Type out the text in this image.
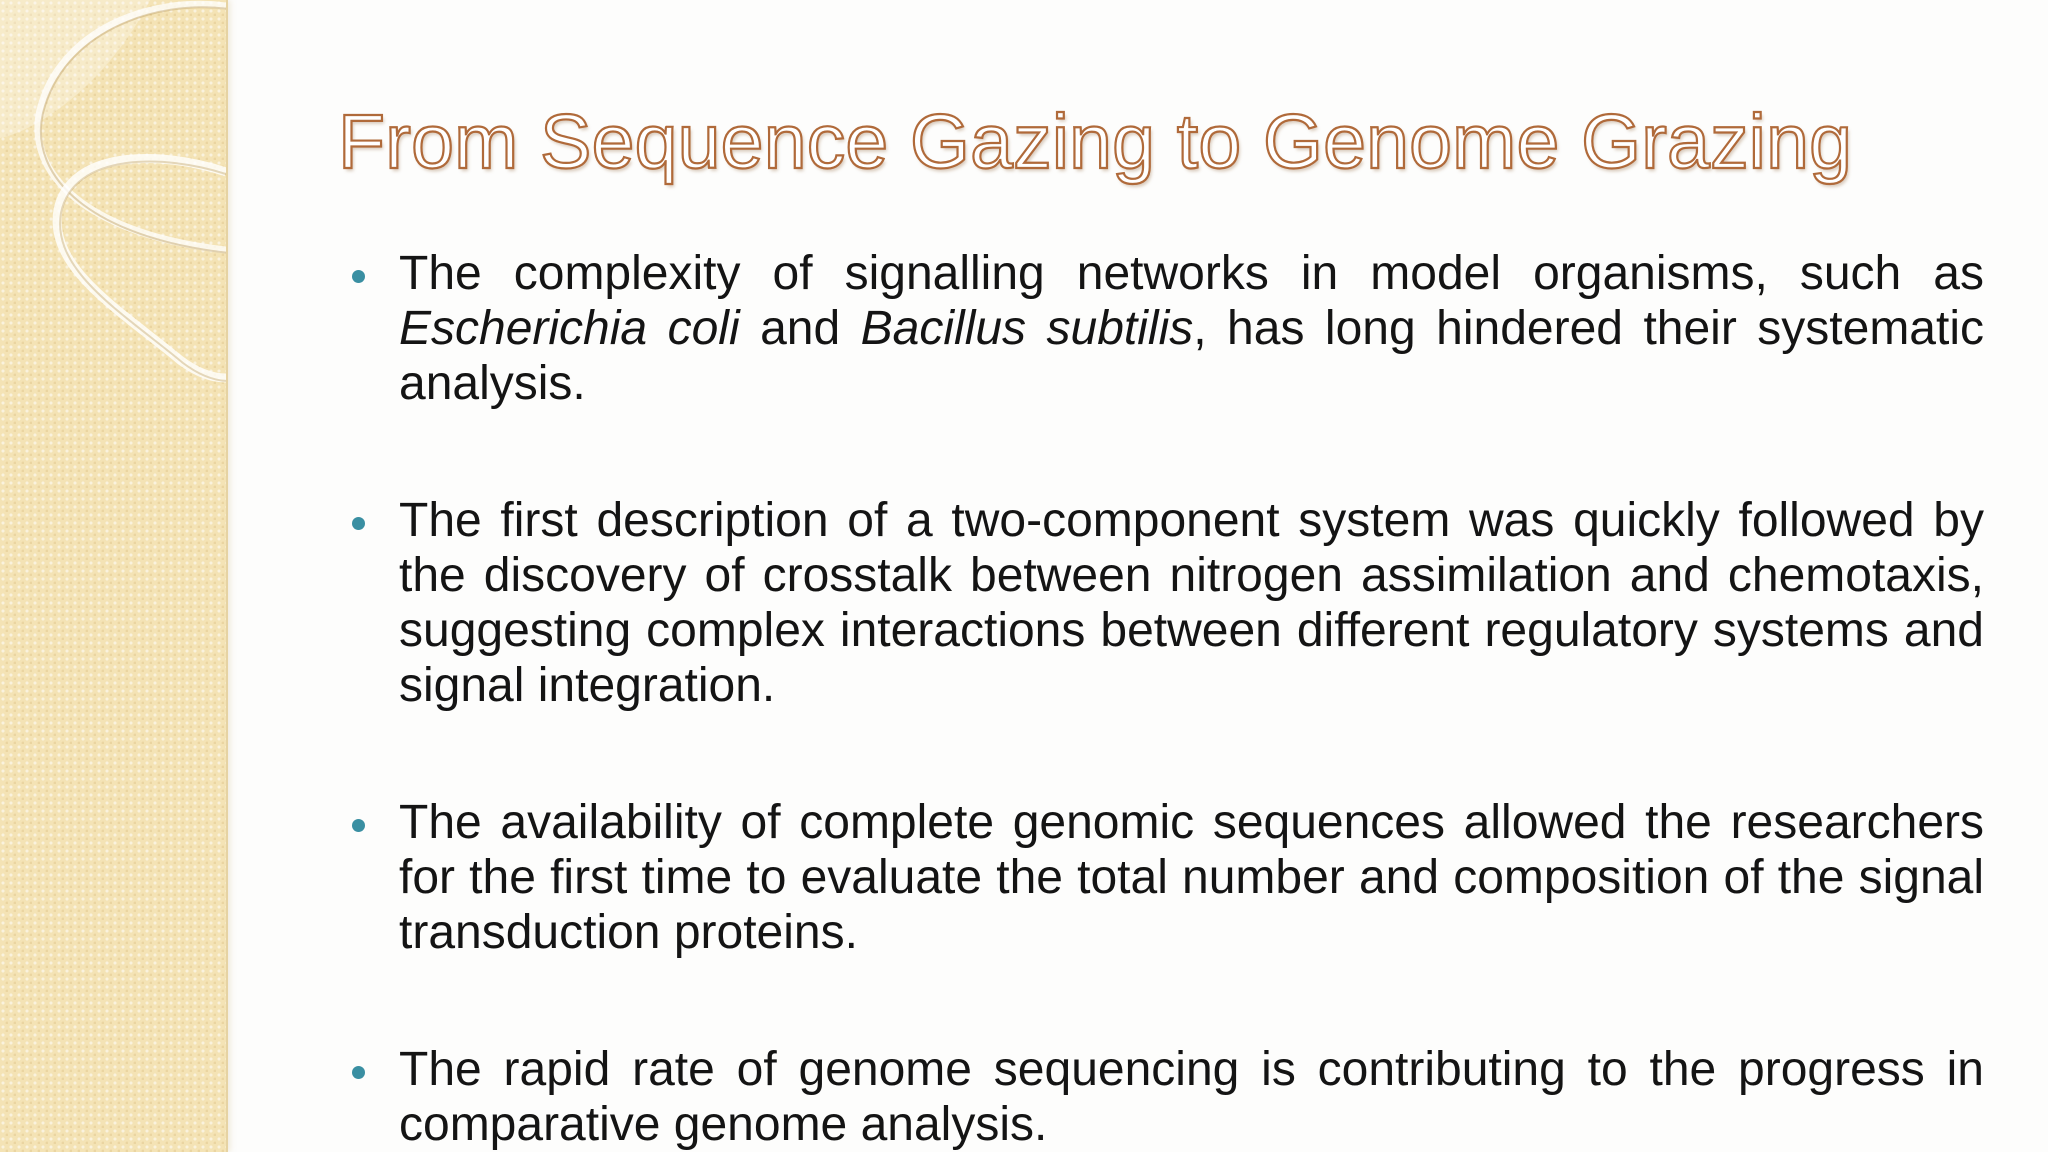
From Sequence Gazing to Genome Grazing
The complexity of signalling networks in model organisms, such as Escherichia coli and Bacillus subtilis, has long hindered their systematic analysis.
The first description of a two-component system was quickly followed by the discovery of crosstalk between nitrogen assimilation and chemotaxis, suggesting complex interactions between different regulatory systems and signal integration.
The availability of complete genomic sequences allowed the researchers for the first time to evaluate the total number and composition of the signal transduction proteins.
The rapid rate of genome sequencing is contributing to the progress in comparative genome analysis.
